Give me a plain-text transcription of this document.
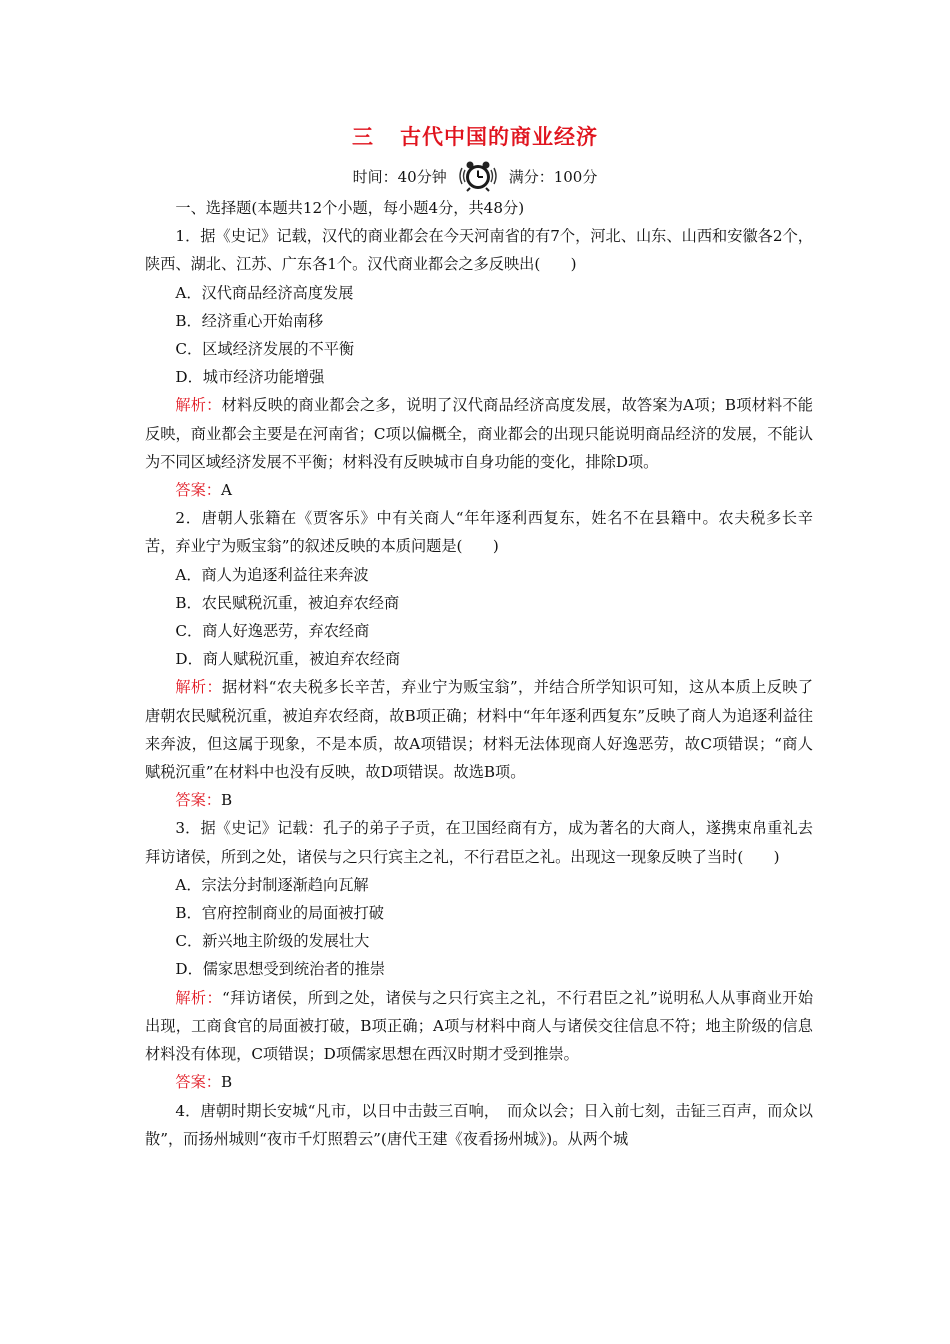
三 古代中国的商业经济
时间：40分钟	满分：100分

一、选择题(本题共12个小题，每小题4分，共48分)

1．据《史记》记载，汉代的商业都会在今天河南省的有7个，河北、山东、山西和安徽各2个，陕西、湖北、江苏、广东各1个。汉代商业都会之多反映出(　　)

A．汉代商品经济高度发展

B．经济重心开始南移

C．区域经济发展的不平衡

D．城市经济功能增强

解析：材料反映的商业都会之多，说明了汉代商品经济高度发展，故答案为A项；B项材料不能反映，商业都会主要是在河南省；C项以偏概全，商业都会的出现只能说明商品经济的发展，不能认为不同区域经济发展不平衡；材料没有反映城市自身功能的变化，排除D项。

答案：A

2．唐朝人张籍在《贾客乐》中有关商人“年年逐利西复东，姓名不在县籍中。农夫税多长辛苦，弃业宁为贩宝翁”的叙述反映的本质问题是(　　)

A．商人为追逐利益往来奔波

B．农民赋税沉重，被迫弃农经商

C．商人好逸恶劳，弃农经商

D．商人赋税沉重，被迫弃农经商

解析：据材料“农夫税多长辛苦，弃业宁为贩宝翁”，并结合所学知识可知，这从本质上反映了唐朝农民赋税沉重，被迫弃农经商，故B项正确；材料中“年年逐利西复东”反映了商人为追逐利益往来奔波，但这属于现象，不是本质，故A项错误；材料无法体现商人好逸恶劳，故C项错误；“商人赋税沉重”在材料中也没有反映，故D项错误。故选B项。

答案：B

3．据《史记》记载：孔子的弟子子贡，在卫国经商有方，成为著名的大商人，遂携束帛重礼去拜访诸侯，所到之处，诸侯与之只行宾主之礼，不行君臣之礼。出现这一现象反映了当时(　　)

A．宗法分封制逐渐趋向瓦解

B．官府控制商业的局面被打破

C．新兴地主阶级的发展壮大

D．儒家思想受到统治者的推崇

解析：“拜访诸侯，所到之处，诸侯与之只行宾主之礼，不行君臣之礼”说明私人从事商业开始出现，工商食官的局面被打破，B项正确；A项与材料中商人与诸侯交往信息不符；地主阶级的信息材料没有体现，C项错误；D项儒家思想在西汉时期才受到推崇。

答案：B

4．唐朝时期长安城“凡市，以日中击鼓三百响，　而众以会；日入前七刻，击钲三百声，而众以散”，而扬州城则“夜市千灯照碧云”(唐代王建《夜看扬州城》)。从两个城
